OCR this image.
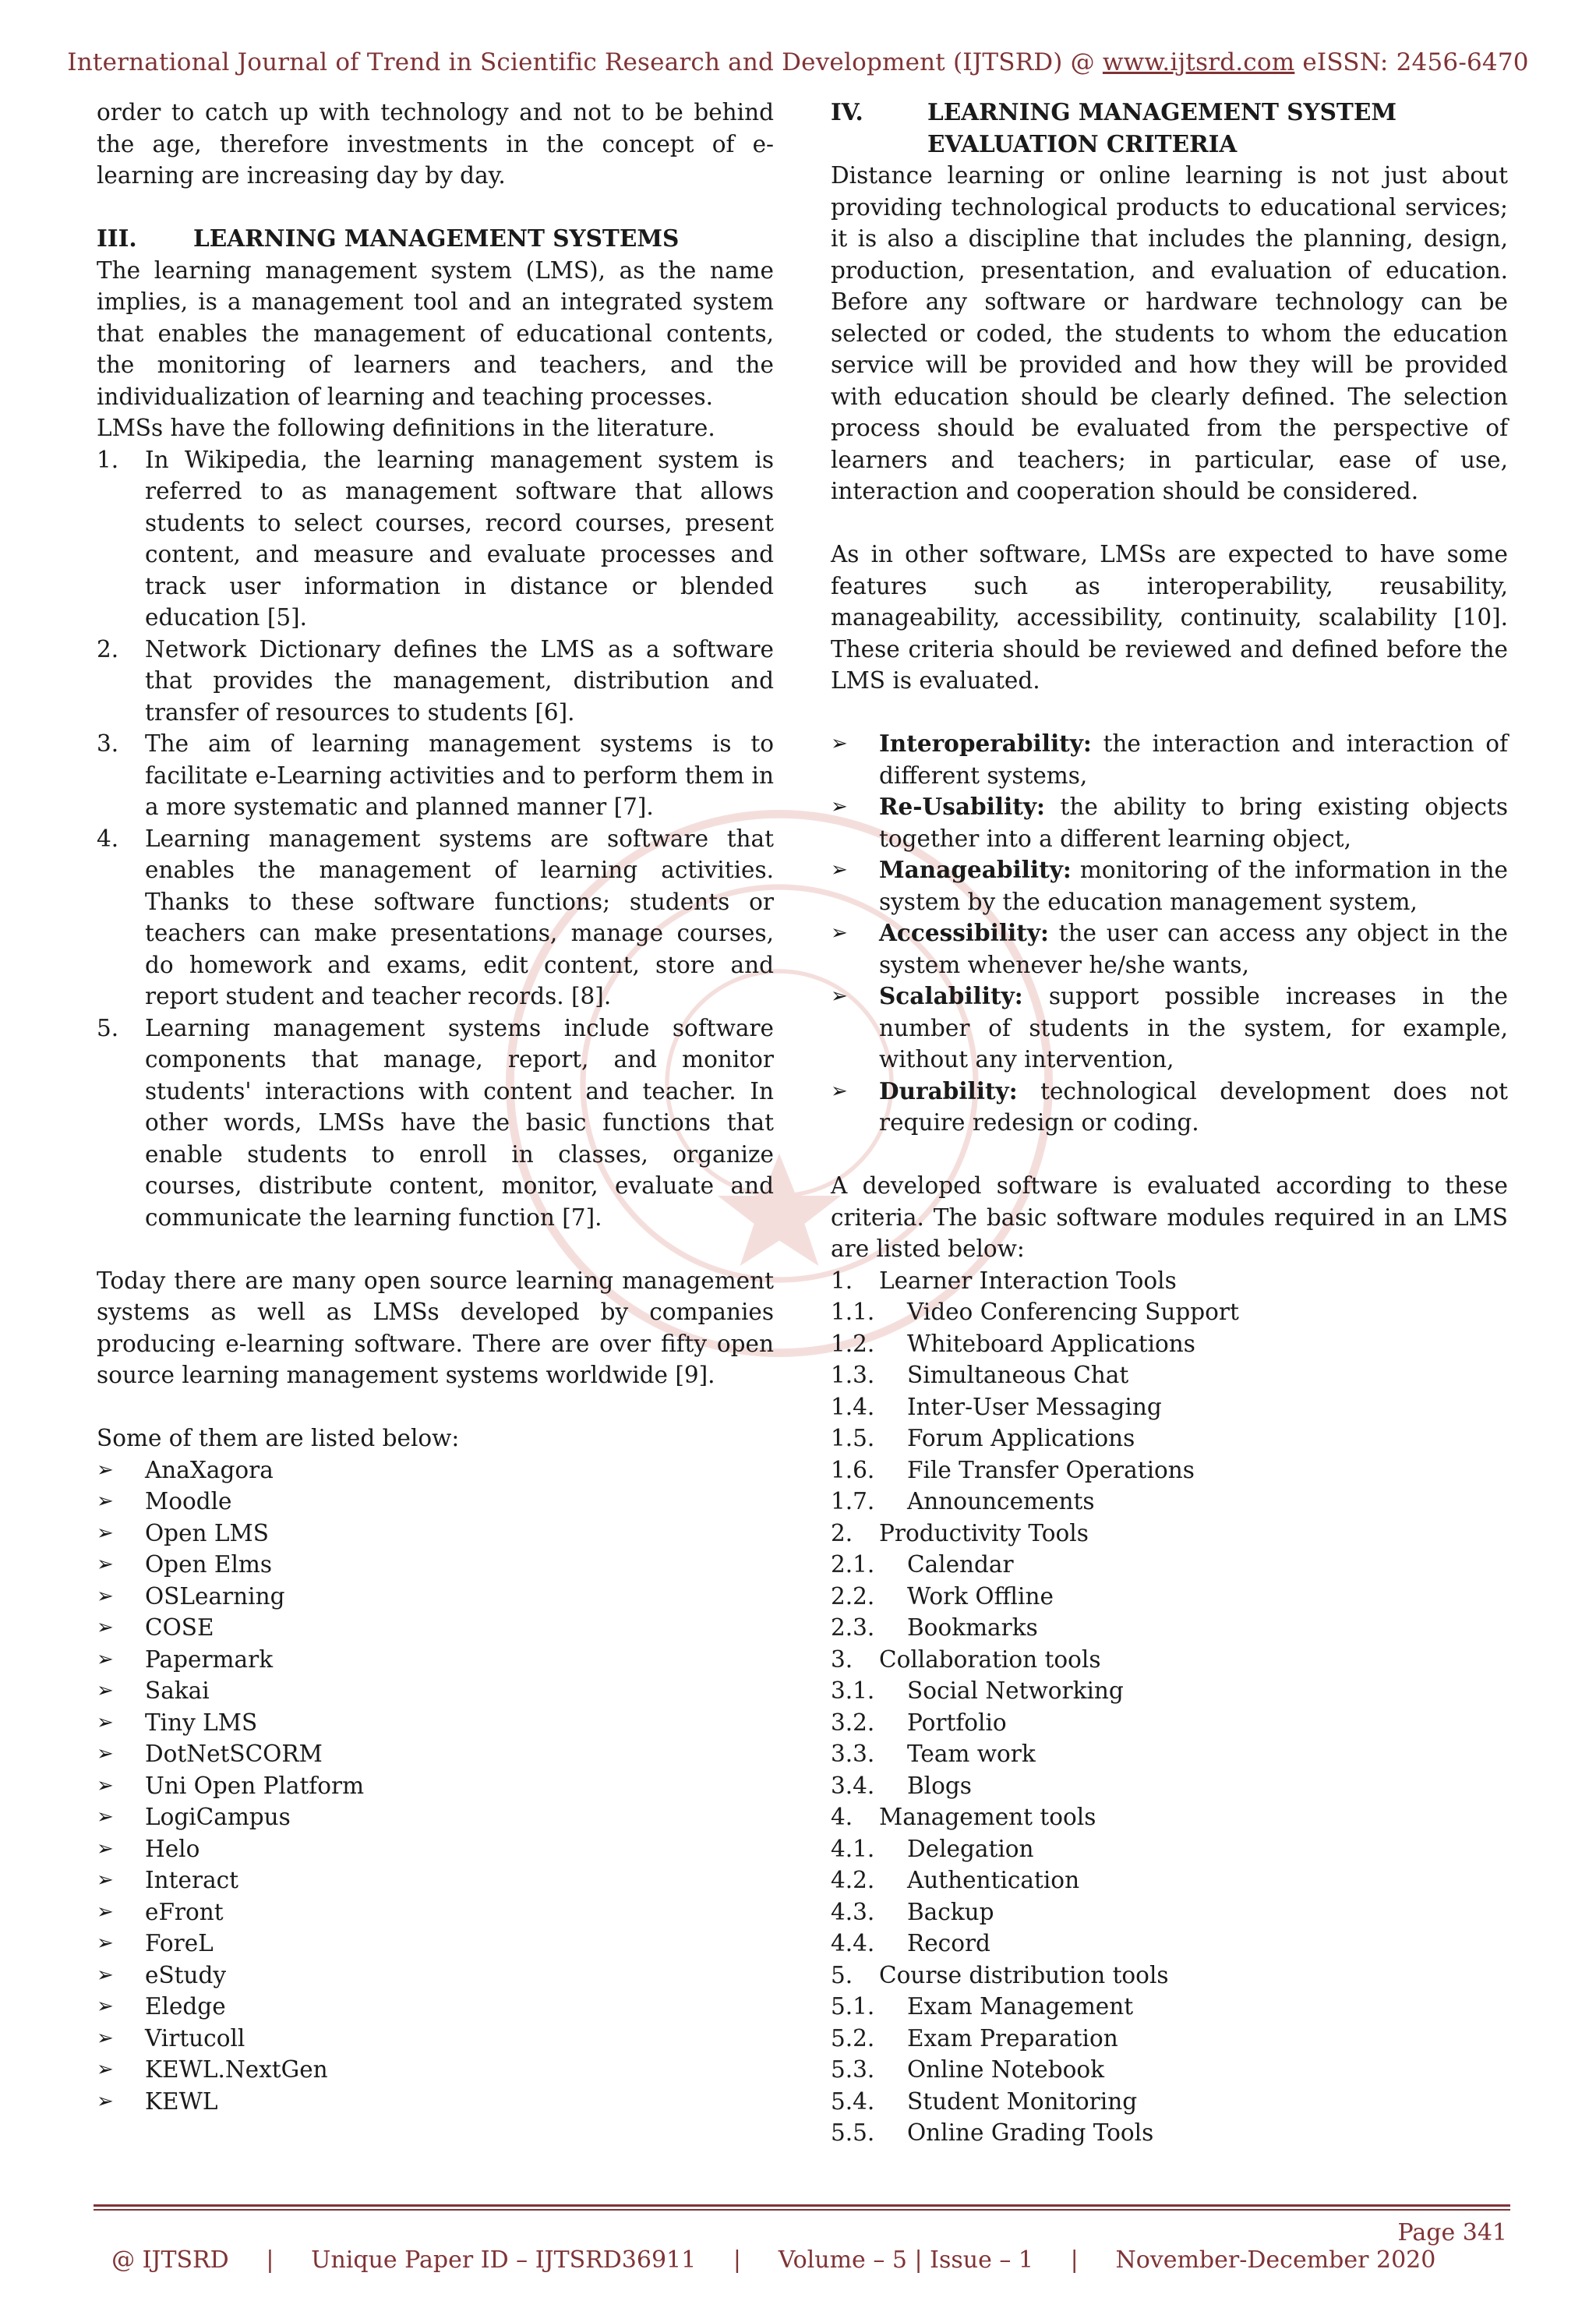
International Journal of Trend in Scientific Research and Development (IJTSRD) @ www.ijtsrd.com eISSN: 2456-6470

order to catch up with technology and not to be behind the age, therefore investments in the concept of e-learning are increasing day by day.

III.	LEARNING MANAGEMENT SYSTEMS

The learning management system (LMS), as the name implies, is a management tool and an integrated system that enables the management of educational contents, the monitoring of learners and teachers, and the individualization of learning and teaching processes.

LMSs have the following definitions in the literature.

1.	In Wikipedia, the learning management system is referred to as management software that allows students to select courses, record courses, present content, and measure and evaluate processes and track user information in distance or blended education [5].
2.	Network Dictionary defines the LMS as a software that provides the management, distribution and transfer of resources to students [6].
3.	The aim of learning management systems is to facilitate e-Learning activities and to perform them in a more systematic and planned manner [7].
4.	Learning management systems are software that enables the management of learning activities. Thanks to these software functions; students or teachers can make presentations, manage courses, do homework and exams, edit content, store and report student and teacher records. [8].
5.	Learning management systems include software components that manage, report, and monitor students' interactions with content and teacher. In other words, LMSs have the basic functions that enable students to enroll in classes, organize courses, distribute content, monitor, evaluate and communicate the learning function [7].

Today there are many open source learning management systems as well as LMSs developed by companies producing e-learning software. There are over fifty open source learning management systems worldwide [9].

Some of them are listed below:

➢	AnaXagora
➢	Moodle
➢	Open LMS
➢	Open Elms
➢	OSLearning
➢	COSE
➢	Papermark
➢	Sakai
➢	Tiny LMS
➢	DotNetSCORM
➢	Uni Open Platform
➢	LogiCampus
➢	Helo
➢	Interact
➢	eFront
➢	ForeL
➢	eStudy
➢	Eledge
➢	Virtucoll
➢	KEWL.NextGen
➢	KEWL
IV.	LEARNING MANAGEMENT SYSTEM EVALUATION CRITERIA

Distance learning or online learning is not just about providing technological products to educational services; it is also a discipline that includes the planning, design, production, presentation, and evaluation of education. Before any software or hardware technology can be selected or coded, the students to whom the education service will be provided and how they will be provided with education should be clearly defined. The selection process should be evaluated from the perspective of learners and teachers; in particular, ease of use, interaction and cooperation should be considered.

As in other software, LMSs are expected to have some features such as interoperability, reusability, manageability, accessibility, continuity, scalability [10]. These criteria should be reviewed and defined before the LMS is evaluated.

➢	Interoperability: the interaction and interaction of different systems,
➢	Re-Usability: the ability to bring existing objects together into a different learning object,
➢	Manageability: monitoring of the information in the system by the education management system,
➢	Accessibility: the user can access any object in the system whenever he/she wants,
➢	Scalability: support possible increases in the number of students in the system, for example, without any intervention,
➢	Durability: technological development does not require redesign or coding.

A developed software is evaluated according to these criteria. The basic software modules required in an LMS are listed below:

1.	Learner Interaction Tools
1.1.	Video Conferencing Support
1.2.	Whiteboard Applications
1.3.	Simultaneous Chat
1.4.	Inter-User Messaging
1.5.	Forum Applications
1.6.	File Transfer Operations
1.7.	Announcements
2.	Productivity Tools
2.1.	Calendar
2.2.	Work Offline
2.3.	Bookmarks
3.	Collaboration tools
3.1.	Social Networking
3.2.	Portfolio
3.3.	Team work
3.4.	Blogs
4.	Management tools
4.1.	Delegation
4.2.	Authentication
4.3.	Backup
4.4.	Record
5.	Course distribution tools
5.1.	Exam Management
5.2.	Exam Preparation
5.3.	Online Notebook
5.4.	Student Monitoring
5.5.	Online Grading Tools

@ IJTSRD     |     Unique Paper ID – IJTSRD36911     |     Volume – 5 | Issue – 1     |     November-December 2020

Page 341
